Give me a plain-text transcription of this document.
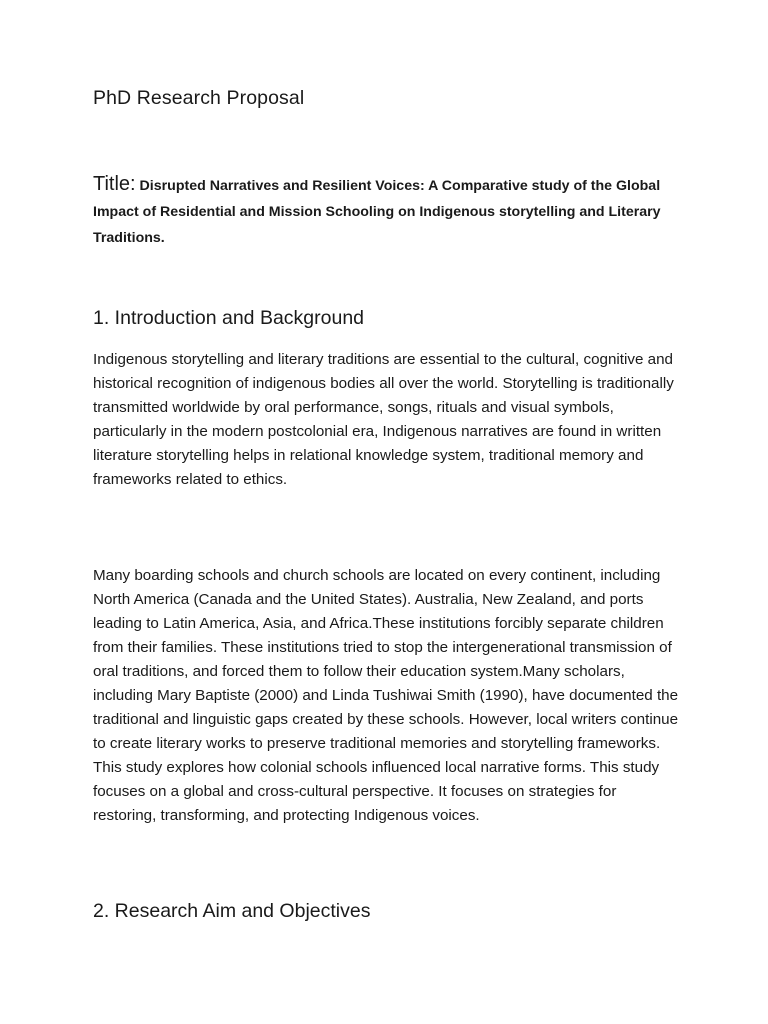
PhD Research Proposal

Title: Disrupted Narratives and Resilient Voices: A Comparative study of the Global Impact of Residential and Mission Schooling on Indigenous storytelling and Literary Traditions.

1. Introduction and Background

Indigenous storytelling and literary traditions are essential to the cultural, cognitive and historical recognition of indigenous bodies all over the world. Storytelling is traditionally transmitted worldwide by oral performance, songs, rituals and visual symbols, particularly in the modern postcolonial era, Indigenous narratives are found in written literature storytelling helps in relational knowledge system, traditional memory and frameworks related to ethics.

Many boarding schools and church schools are located on every continent, including North America (Canada and the United States). Australia, New Zealand, and ports leading to Latin America, Asia, and Africa.These institutions forcibly separate children from their families. These institutions tried to stop the intergenerational transmission of oral traditions, and forced them to follow their education system.Many scholars, including Mary Baptiste (2000) and Linda Tushiwai Smith (1990), have documented the traditional and linguistic gaps created by these schools. However, local writers continue to create literary works to preserve traditional memories and storytelling frameworks. This study explores how colonial schools influenced local narrative forms. This study focuses on a global and cross-cultural perspective. It focuses on strategies for restoring, transforming, and protecting Indigenous voices.

2. Research Aim and Objectives
